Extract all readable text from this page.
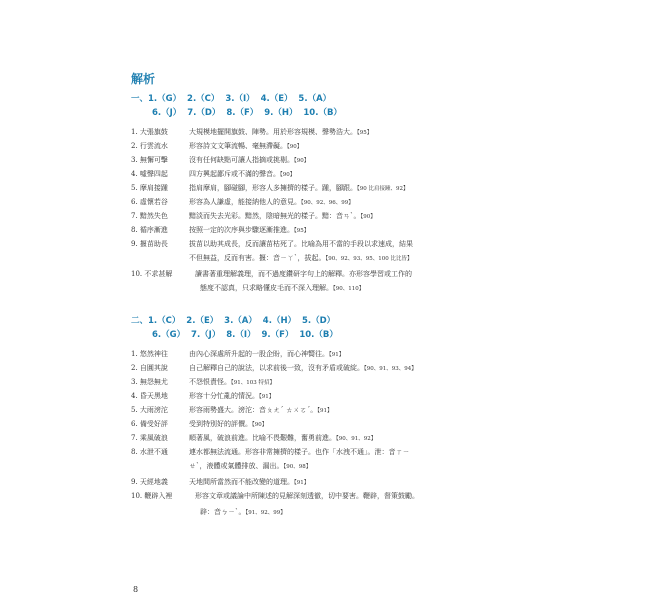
解析
一、1.（G）  2.（C）  3.（I）  4.（E）  5.（A）
6.（J）  7.（D）  8.（F）  9.（H）  10.（B）
1. 大張旗鼓	大規模地擺開旗鼓、陣勢。用於形容規模、聲勢浩大。【95】
2. 行雲流水	形容詩文文筆流暢、毫無滯礙。【90】
3. 無懈可擊	沒有任何缺點可讓人指摘或挑剔。【90】
4. 噓聲四起	四方興起鄙斥或不滿的聲音。【90】
5. 摩肩接踵	指肩摩肩，腳碰腳，形容人多擁擠的樣子。踵，腳跟。【90 比肩接踵、92】
6. 虛懷若谷	形容為人謙虛，能接納他人的意見。【90、92、96、99】
7. 黯然失色	黯淡而失去光彩。黯然，陰暗無光的樣子。黯：音ㄢˋ。【90】
8. 循序漸進	按照一定的次序與步驟逐漸推進。【95】
9. 揠苗助長	拔苗以助其成長，反而讓苗枯死了。比喻為用不當的手段以求速成，結果
不但無益，反而有害。揠：音ㄧㄚˋ，拔起。【90、92、93、95、100 比比皆】
10. 不求甚解	讀書著重理解義理，而不過度鑽研字句上的解釋。亦形容學習或工作的
態度不認真，只求略懂皮毛而不深入理解。【90、110】
二、1.（C）  2.（E）  3.（A）  4.（H）  5.（D）
6.（G）  7.（J）  8.（I）  9.（F）  10.（B）
1. 悠然神往	由內心深處所升起的一股企盼，而心神嚮往。【91】
2. 自圓其說	自己解釋自己的說法，以求前後一致，沒有矛盾或破綻。【90、91、93、94】
3. 無怨無尤	不怨恨責怪。【91、103 特招】
4. 昏天黑地	形容十分忙亂的情況。【91】
5. 大雨滂沱	形容雨勢盛大。滂沱：音ㄆㄤˊ ㄊㄨㄛˊ。【91】
6. 備受好評	受到特別好的評價。【90】
7. 乘風破浪	順著風，破浪前進。比喻不畏艱難，奮勇前進。【90、91、92】
8. 水泄不通	連水都無法流通。形容非常擁擠的樣子。也作「水洩不通」。泄：音ㄒㄧ
ㄝˋ，液體或氣體排放、漏出。【90、98】
9. 天經地義	天地間所當然而不能改變的道理。【91】
10. 鞭辟入裡	形容文章或議論中所陳述的見解深刻透徹，切中要害。鞭辟，督策鼓勵。
辟：音ㄅㄧˋ。【91、92、99】
8
